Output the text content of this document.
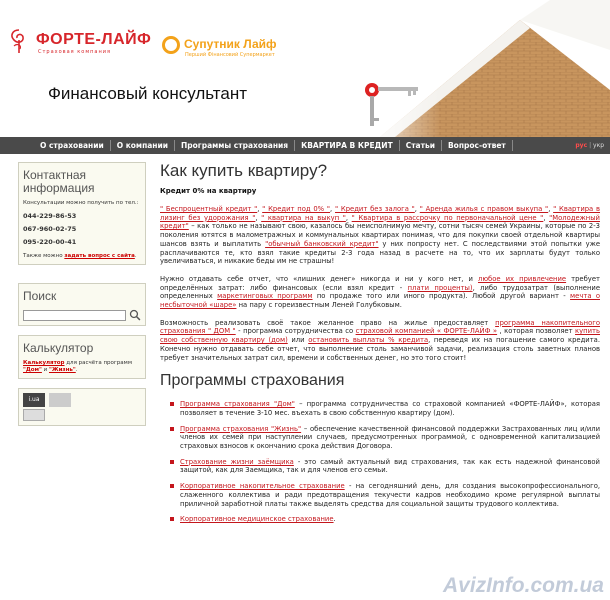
ФОРТЕ-ЛАЙФ
Страховая компания
Супутник Лайф
Перший Фінансовий Супермаркет
Финансовый консультант
О страховании	О компании	Программы страхования	КВАРТИРА В КРЕДИТ	Статьи	Вопрос-ответ	рус | укр
Контактная информация
Консультации можно получить по тел.:
044-229-86-53
067-960-02-75
095-220-00-41
Также можно задать вопрос с сайта.
Поиск
Калькулятор
Калькулятор для расчёта программ "Дом" и "Жизнь".
i.ua
Как купить квартиру?
Кредит 0% на квартиру

" Беспроцентный кредит ", " Кредит под 0% ", " Кредит без залога ", " Аренда жилья с правом выкупа ", " Квартира в лизинг без удорожания ", " квартира на выкуп ", " Квартира в рассрочку по первоначальной цене ", "Молодежный кредит" – как только не называют свою, казалось бы неисполнимую мечту, сотни тысяч семей Украины, которые по 2-3 поколения ютятся в малометражных и коммунальных квартирах понимая, что для покупки своей отдельной квартиры шансов взять и выплатить "обычный банковский кредит" у них попросту нет. С последствиями этой попытки уже расплачиваются те, кто взял такие кредиты 2-3 года назад в расчете на то, что их зарплаты будут только увеличиваться, и никакие беды им не страшны!

Нужно отдавать себе отчет, что «лишних денег» никогда и ни у кого нет, и любое их привлечение требует определённых затрат: либо финансовых (если взял кредит - плати проценты), либо трудозатрат (выполнение определенных маркетинговых программ по продаже того или иного продукта). Любой другой вариант - мечта о несбыточной «шаре» на пару с гореизвестным Леней Голубковым.

Возможность реализовать своё такое желанное право на жилье предоставляет программа накопительного страхования " ДОМ " - программа сотрудничества со страховой компанией « ФОРТЕ-ЛАЙФ » , которая позволяет купить свою собственную квартиру (дом) или остановить выплаты % кредита, переведя их на погашение самого кредита. Конечно нужно отдавать себе отчет, что выполнение столь заманчивой задачи, реализация столь заветных планов требует значительных затрат сил, времени и собственных денег, но это того стоит!

Программы страхования
Программа страхования "Дом" – программа сотрудничества со страховой компанией «ФОРТЕ-ЛАЙФ», которая позволяет в течение 3-10 мес. въехать в свою собственную квартиру (дом).
Программа страхования "Жизнь" – обеспечение качественной финансовой поддержки Застрахованных лиц и/или членов их семей при наступлении случаев, предусмотренных программой, с одновременной капитализацией страховых взносов к окончанию срока действия Договора.
Страхование жизни заёмщика - это самый актуальный вид страхования, так как есть надежной финансовой защитой, как для Заемщика, так и для членов его семьи.
Корпоративное накопительное страхование - на сегодняшний день, для создания высокопрофессионального, слаженного коллектива и ради предотвращения текучести кадров необходимо кроме регулярной выплаты приличной заработной платы также выделять средства для социальной защиты трудового коллектива.
Корпоративное медицинское страхование.
AvizInfo.com.ua
